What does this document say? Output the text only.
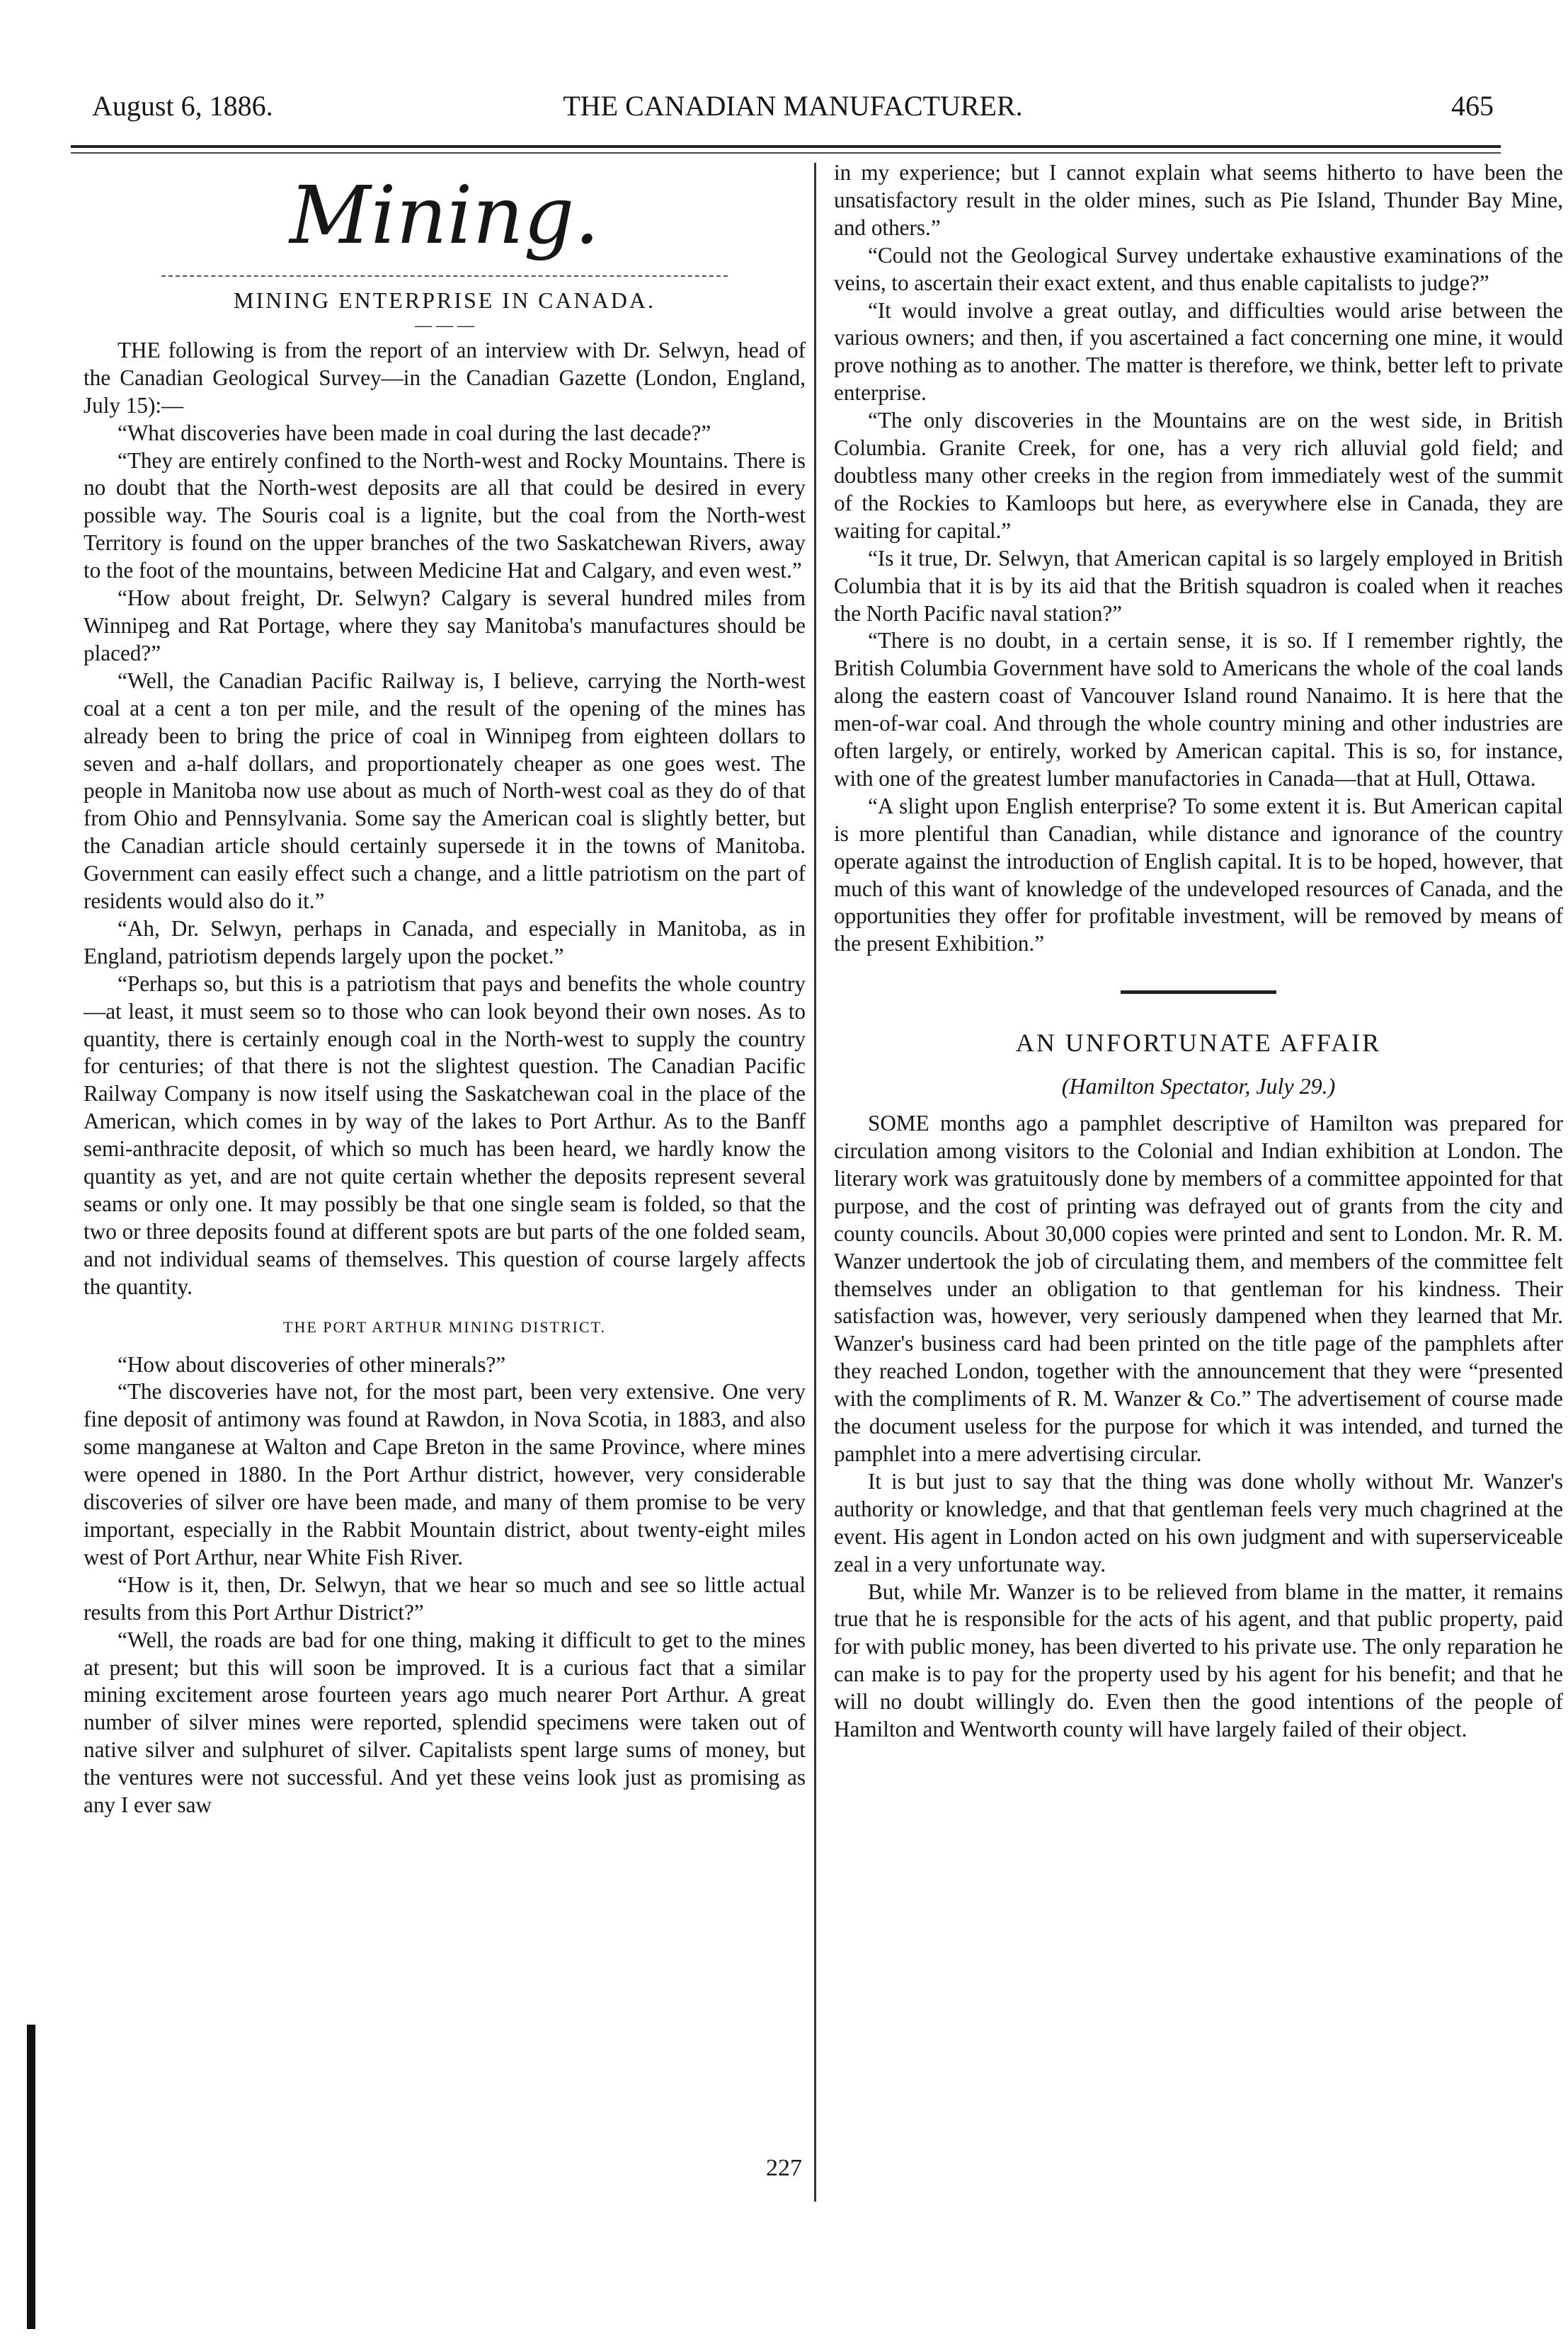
August 6, 1886.	THE CANADIAN MANUFACTURER.	465
Mining.
MINING ENTERPRISE IN CANADA.
— — —

THE following is from the report of an interview with Dr. Selwyn, head of the Canadian Geological Survey—in the Canadian Gazette (London, England, July 15):—

“What discoveries have been made in coal during the last decade?”

“They are entirely confined to the North-west and Rocky Mountains. There is no doubt that the North-west deposits are all that could be desired in every possible way. The Souris coal is a lignite, but the coal from the North-west Territory is found on the upper branches of the two Saskatchewan Rivers, away to the foot of the mountains, between Medicine Hat and Calgary, and even west.”

“How about freight, Dr. Selwyn? Calgary is several hundred miles from Winnipeg and Rat Portage, where they say Manitoba's manufactures should be placed?”

“Well, the Canadian Pacific Railway is, I believe, carrying the North-west coal at a cent a ton per mile, and the result of the opening of the mines has already been to bring the price of coal in Winnipeg from eighteen dollars to seven and a-half dollars, and proportionately cheaper as one goes west. The people in Manitoba now use about as much of North-west coal as they do of that from Ohio and Pennsylvania. Some say the American coal is slightly better, but the Canadian article should certainly supersede it in the towns of Manitoba. Government can easily effect such a change, and a little patriotism on the part of residents would also do it.”

“Ah, Dr. Selwyn, perhaps in Canada, and especially in Manitoba, as in England, patriotism depends largely upon the pocket.”

“Perhaps so, but this is a patriotism that pays and benefits the whole country—at least, it must seem so to those who can look beyond their own noses. As to quantity, there is certainly enough coal in the North-west to supply the country for centuries; of that there is not the slightest question. The Canadian Pacific Railway Company is now itself using the Saskatchewan coal in the place of the American, which comes in by way of the lakes to Port Arthur. As to the Banff semi-anthracite deposit, of which so much has been heard, we hardly know the quantity as yet, and are not quite certain whether the deposits represent several seams or only one. It may possibly be that one single seam is folded, so that the two or three deposits found at different spots are but parts of the one folded seam, and not individual seams of themselves. This question of course largely affects the quantity.

THE PORT ARTHUR MINING DISTRICT.

“How about discoveries of other minerals?”

“The discoveries have not, for the most part, been very extensive. One very fine deposit of antimony was found at Rawdon, in Nova Scotia, in 1883, and also some manganese at Walton and Cape Breton in the same Province, where mines were opened in 1880. In the Port Arthur district, however, very considerable discoveries of silver ore have been made, and many of them promise to be very important, especially in the Rabbit Mountain district, about twenty-eight miles west of Port Arthur, near White Fish River.

“How is it, then, Dr. Selwyn, that we hear so much and see so little actual results from this Port Arthur District?”

“Well, the roads are bad for one thing, making it difficult to get to the mines at present; but this will soon be improved. It is a curious fact that a similar mining excitement arose fourteen years ago much nearer Port Arthur. A great number of silver mines were reported, splendid specimens were taken out of native silver and sulphuret of silver. Capitalists spent large sums of money, but the ventures were not successful. And yet these veins look just as promising as any I ever saw

in my experience; but I cannot explain what seems hitherto to have been the unsatisfactory result in the older mines, such as Pie Island, Thunder Bay Mine, and others.”

“Could not the Geological Survey undertake exhaustive examinations of the veins, to ascertain their exact extent, and thus enable capitalists to judge?”

“It would involve a great outlay, and difficulties would arise between the various owners; and then, if you ascertained a fact concerning one mine, it would prove nothing as to another. The matter is therefore, we think, better left to private enterprise.

“The only discoveries in the Mountains are on the west side, in British Columbia. Granite Creek, for one, has a very rich alluvial gold field; and doubtless many other creeks in the region from immediately west of the summit of the Rockies to Kamloops but here, as everywhere else in Canada, they are waiting for capital.”

“Is it true, Dr. Selwyn, that American capital is so largely employed in British Columbia that it is by its aid that the British squadron is coaled when it reaches the North Pacific naval station?”

“There is no doubt, in a certain sense, it is so. If I remember rightly, the British Columbia Government have sold to Americans the whole of the coal lands along the eastern coast of Vancouver Island round Nanaimo. It is here that the men-of-war coal. And through the whole country mining and other industries are often largely, or entirely, worked by American capital. This is so, for instance, with one of the greatest lumber manufactories in Canada—that at Hull, Ottawa.

“A slight upon English enterprise? To some extent it is. But American capital is more plentiful than Canadian, while distance and ignorance of the country operate against the introduction of English capital. It is to be hoped, however, that much of this want of knowledge of the undeveloped resources of Canada, and the opportunities they offer for profitable investment, will be removed by means of the present Exhibition.”

AN UNFORTUNATE AFFAIR
(Hamilton Spectator, July 29.)

SOME months ago a pamphlet descriptive of Hamilton was prepared for circulation among visitors to the Colonial and Indian exhibition at London. The literary work was gratuitously done by members of a committee appointed for that purpose, and the cost of printing was defrayed out of grants from the city and county councils. About 30,000 copies were printed and sent to London. Mr. R. M. Wanzer undertook the job of circulating them, and members of the committee felt themselves under an obligation to that gentleman for his kindness. Their satisfaction was, however, very seriously dampened when they learned that Mr. Wanzer's business card had been printed on the title page of the pamphlets after they reached London, together with the announcement that they were “presented with the compliments of R. M. Wanzer & Co.” The advertisement of course made the document useless for the purpose for which it was intended, and turned the pamphlet into a mere advertising circular.

It is but just to say that the thing was done wholly without Mr. Wanzer's authority or knowledge, and that that gentleman feels very much chagrined at the event. His agent in London acted on his own judgment and with superserviceable zeal in a very unfortunate way.

But, while Mr. Wanzer is to be relieved from blame in the matter, it remains true that he is responsible for the acts of his agent, and that public property, paid for with public money, has been diverted to his private use. The only reparation he can make is to pay for the property used by his agent for his benefit; and that he will no doubt willingly do. Even then the good intentions of the people of Hamilton and Wentworth county will have largely failed of their object.

227
